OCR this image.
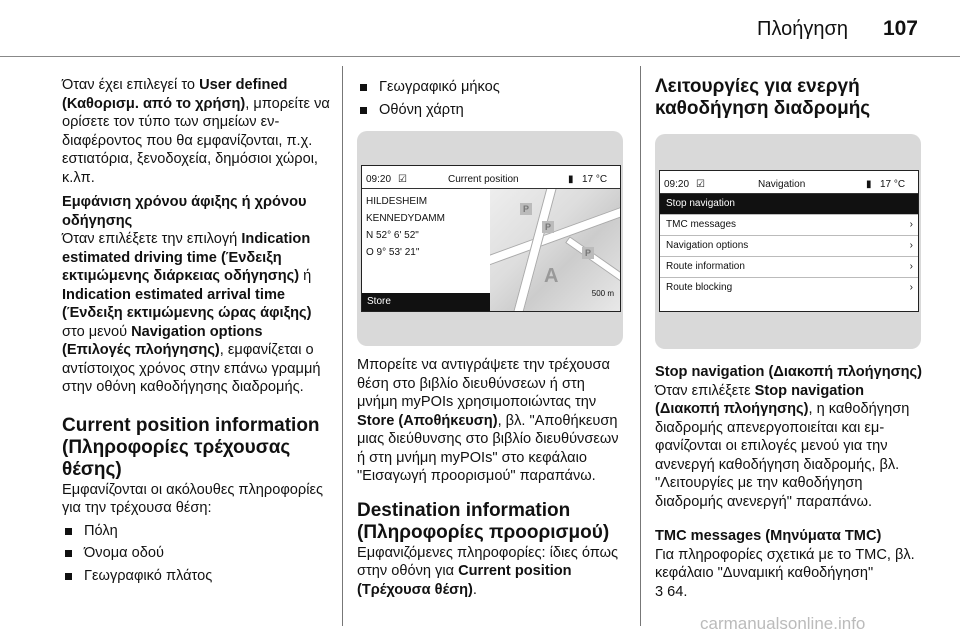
Πλοήγηση 107

Όταν έχει επιλεγεί το User defined (Καθορισμ. από το χρήση), μπορείτε να ορίσετε τον τύπο των σημείων ενδιαφέροντος που θα εμφανίζονται, π.χ. εστιατόρια, ξενοδοχεία, δημόσιοι χώροι, κ.λπ.

Εμφάνιση χρόνου άφιξης ή χρόνου οδήγησης

Όταν επιλέξετε την επιλογή Indication estimated driving time (Ένδειξη εκτιμώμενης διάρκειας οδήγησης) ή Indication estimated arrival time (Ένδειξη εκτιμώμενης ώρας άφιξης) στο μενού Navigation options (Επιλογές πλοήγησης), εμφανίζεται ο αντίστοιχος χρόνος στην επάνω γραμμή στην οθόνη καθοδήγησης διαδρομής.

Current position information (Πληροφορίες τρέχουσας θέσης)

Εμφανίζονται οι ακόλουθες πληροφορίες για την τρέχουσα θέση:

Πόλη
Όνομα οδού
Γεωγραφικό πλάτος
Γεωγραφικό μήκος
Οθόνη χάρτη
09:20 ☑	Current position	▮ 17 °C
HILDESHEIM
KENNEDYDAMM
N 52° 6' 52"
O 9° 53' 21"
P
P
P
A
500 m
Store

Μπορείτε να αντιγράψετε την τρέχουσα θέση στο βιβλίο διευθύνσεων ή στη μνήμη myPOIs χρησιμοποιώντας την Store (Αποθήκευση), βλ. "Αποθήκευση μιας διεύθυνσης στο βιβλίο διευθύνσεων ή στη μνήμη myPOIs" στο κεφάλαιο "Εισαγωγή προορισμού" παραπάνω.

Destination information (Πληροφορίες προορισμού)

Εμφανιζόμενες πληροφορίες: ίδιες όπως στην οθόνη για Current position (Τρέχουσα θέση).

Λειτουργίες για ενεργή καθοδήγηση διαδρομής

09:20 ☑	Navigation	▮ 17 °C
Stop navigation
TMC messages	›
Navigation options	›
Route information	›
Route blocking	›

Stop navigation (Διακοπή πλοήγησης)

Όταν επιλέξετε Stop navigation (Διακοπή πλοήγησης), η καθοδήγηση διαδρομής απενεργοποιείται και εμφανίζονται οι επιλογές μενού για την ανενεργή καθοδήγηση διαδρομής, βλ. "Λειτουργίες με την καθοδήγηση διαδρομής ανενεργή" παραπάνω.

TMC messages (Μηνύματα TMC)

Για πληροφορίες σχετικά με το TMC, βλ. κεφάλαιο "Δυναμική καθοδήγηση"

3 64.

carmanualsonline.info
